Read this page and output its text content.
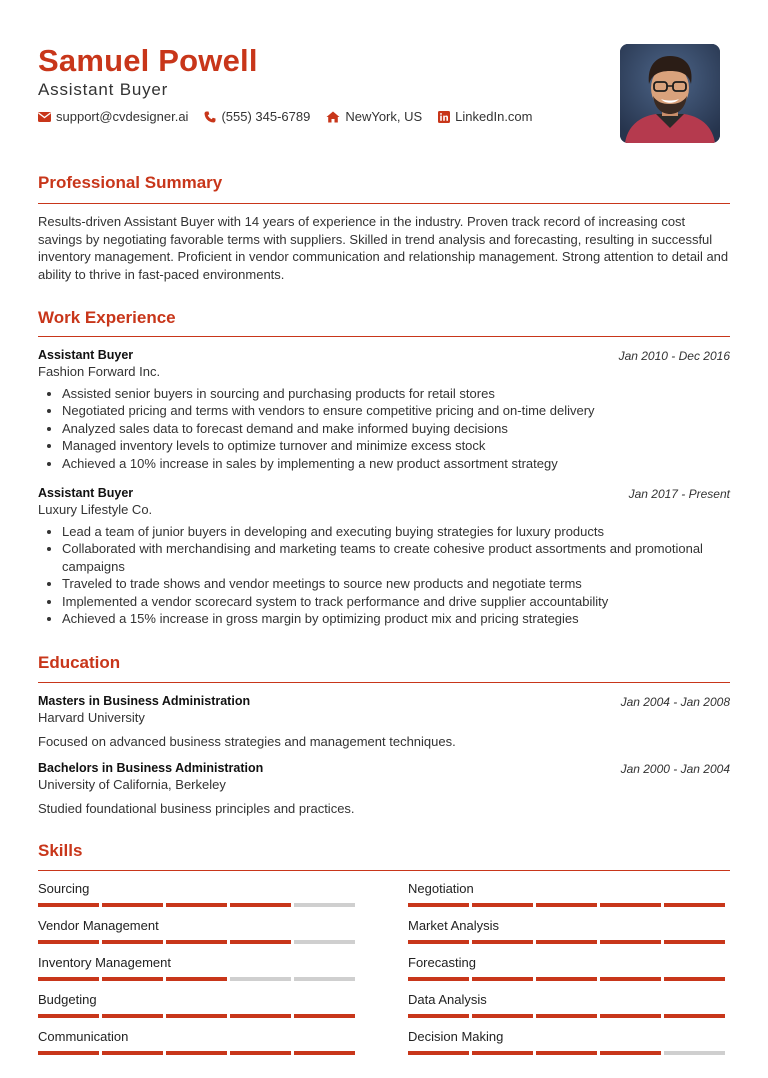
Samuel Powell
Assistant Buyer
support@cvdesigner.ai	(555) 345-6789	NewYork, US	LinkedIn.com
Professional Summary
Results-driven Assistant Buyer with 14 years of experience in the industry. Proven track record of increasing cost savings by negotiating favorable terms with suppliers. Skilled in trend analysis and forecasting, resulting in successful inventory management. Proficient in vendor communication and relationship management. Strong attention to detail and ability to thrive in fast-paced environments.
Work Experience
Assistant Buyer
Fashion Forward Inc.
Jan 2010 - Dec 2016
Assisted senior buyers in sourcing and purchasing products for retail stores
Negotiated pricing and terms with vendors to ensure competitive pricing and on-time delivery
Analyzed sales data to forecast demand and make informed buying decisions
Managed inventory levels to optimize turnover and minimize excess stock
Achieved a 10% increase in sales by implementing a new product assortment strategy
Assistant Buyer
Luxury Lifestyle Co.
Jan 2017 - Present
Lead a team of junior buyers in developing and executing buying strategies for luxury products
Collaborated with merchandising and marketing teams to create cohesive product assortments and promotional campaigns
Traveled to trade shows and vendor meetings to source new products and negotiate terms
Implemented a vendor scorecard system to track performance and drive supplier accountability
Achieved a 15% increase in gross margin by optimizing product mix and pricing strategies
Education
Masters in Business Administration
Harvard University
Jan 2004 - Jan 2008
Focused on advanced business strategies and management techniques.
Bachelors in Business Administration
University of California, Berkeley
Jan 2000 - Jan 2004
Studied foundational business principles and practices.
Skills
Sourcing	Negotiation
Vendor Management	Market Analysis
Inventory Management	Forecasting
Budgeting	Data Analysis
Communication	Decision Making
